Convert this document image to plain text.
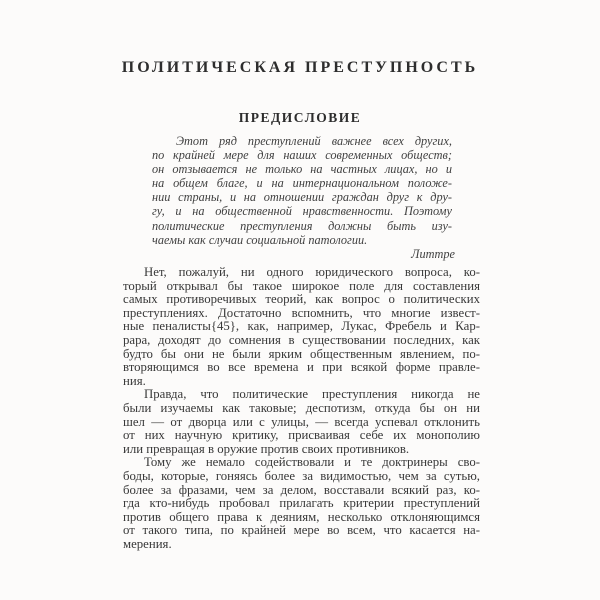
ПОЛИТИЧЕСКАЯ ПРЕСТУПНОСТЬ
ПРЕДИСЛОВИЕ
Этот ряд преступлений важнее всех других,
по крайней мере для наших современных обществ;
он отзывается не только на частных лицах, но и
на общем благе, и на интернациональном положе-
нии страны, и на отношении граждан друг к дру-
гу, и на общественной нравственности. Поэтому
политические преступления должны быть изу-
чаемы как случаи социальной патологии.
Литтре
Нет, пожалуй, ни одного юридического вопроса, ко-
торый открывал бы такое широкое поле для составления
самых противоречивых теорий, как вопрос о политических
преступлениях. Достаточно вспомнить, что многие извест-
ные пеналисты{45}, как, например, Лукас, Фребель и Кар-
рара, доходят до сомнения в существовании последних, как
будто бы они не были ярким общественным явлением, по-
вторяющимся во все времена и при всякой форме правле-
ния.
Правда, что политические преступления никогда не
были изучаемы как таковые; деспотизм, откуда бы он ни
шел — от дворца или с улицы, — всегда успевал отклонить
от них научную критику, присваивая себе их монополию
или превращая в оружие против своих противников.
Тому же немало содействовали и те доктринеры сво-
боды, которые, гоняясь более за видимостью, чем за сутью,
более за фразами, чем за делом, восставали всякий раз, ко-
гда кто-нибудь пробовал прилагать критерии преступлений
против общего права к деяниям, несколько отклоняющимся
от такого типа, по крайней мере во всем, что касается на-
мерения.
